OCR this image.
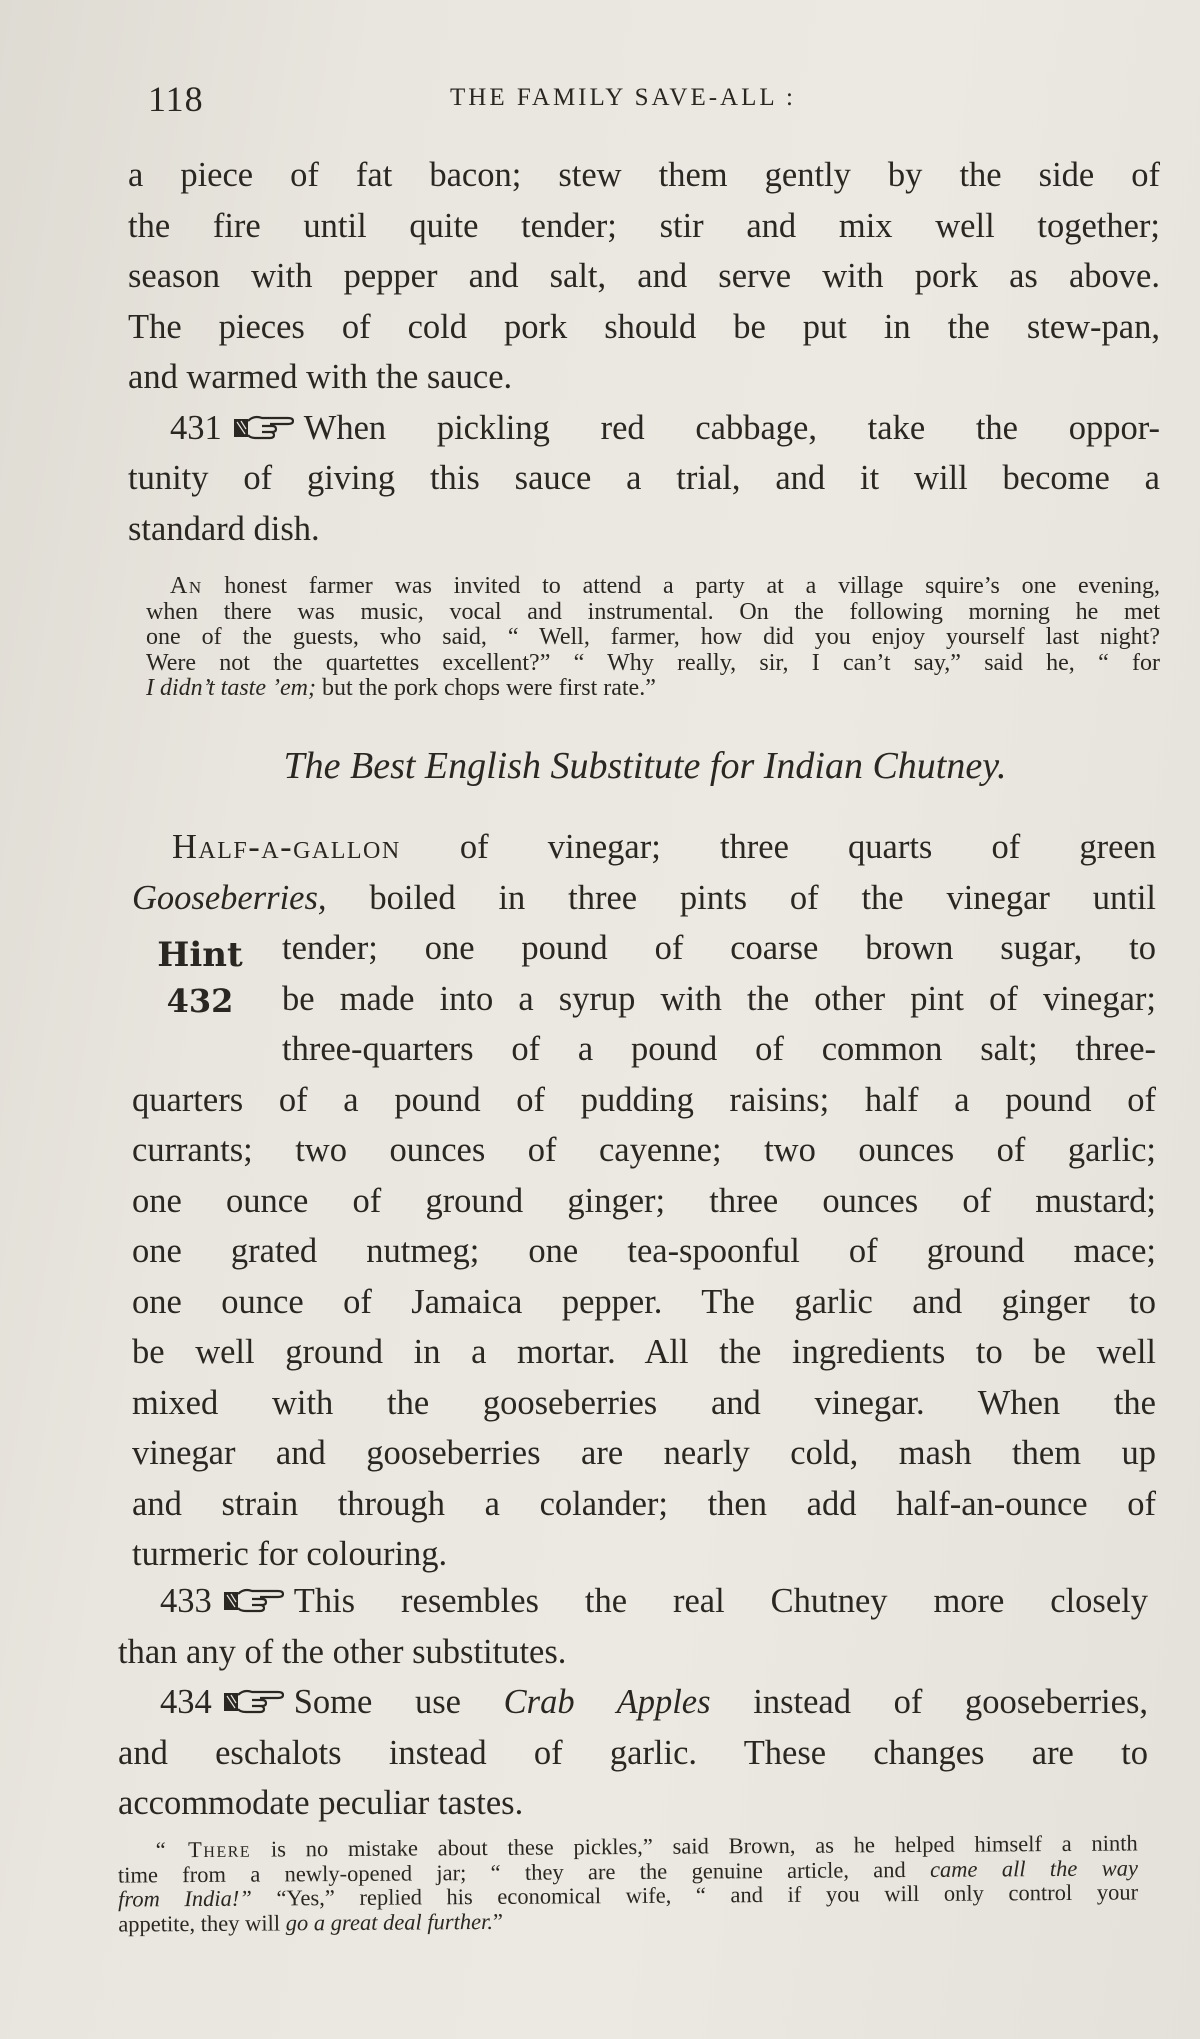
118	THE FAMILY SAVE-ALL :
a piece of fat bacon; stew them gently by the side of
the fire until quite tender; stir and mix well together;
season with pepper and salt, and serve with pork as above.
The pieces of cold pork should be put in the stew-pan,
and warmed with the sauce.
431 When pickling red cabbage, take the oppor-
tunity of giving this sauce a trial, and it will become a
standard dish.
An honest farmer was invited to attend a party at a village squire’s one evening,
when there was music, vocal and instrumental. On the following morning he met
one of the guests, who said, “ Well, farmer, how did you enjoy yourself last night?
Were not the quartettes excellent?” “ Why really, sir, I can’t say,” said he, “ for
I didn’t taste ’em; but the pork chops were first rate.”
The Best English Substitute for Indian Chutney.
Hint
432
Half-a-gallon of vinegar; three quarts of green
Gooseberries, boiled in three pints of the vinegar until
tender; one pound of coarse brown sugar, to
be made into a syrup with the other pint of vinegar;
three-quarters of a pound of common salt; three-
quarters of a pound of pudding raisins; half a pound of
currants; two ounces of cayenne; two ounces of garlic;
one ounce of ground ginger; three ounces of mustard;
one grated nutmeg; one tea-spoonful of ground mace;
one ounce of Jamaica pepper. The garlic and ginger to
be well ground in a mortar. All the ingredients to be well
mixed with the gooseberries and vinegar. When the
vinegar and gooseberries are nearly cold, mash them up
and strain through a colander; then add half-an-ounce of
turmeric for colouring.
433 This resembles the real Chutney more closely
than any of the other substitutes.
434 Some use Crab Apples instead of gooseberries,
and eschalots instead of garlic. These changes are to
accommodate peculiar tastes.
“ There is no mistake about these pickles,” said Brown, as he helped himself a ninth
time from a newly-opened jar; “ they are the genuine article, and came all the way
from India!” “Yes,” replied his economical wife, “ and if you will only control your
appetite, they will go a great deal further.”
